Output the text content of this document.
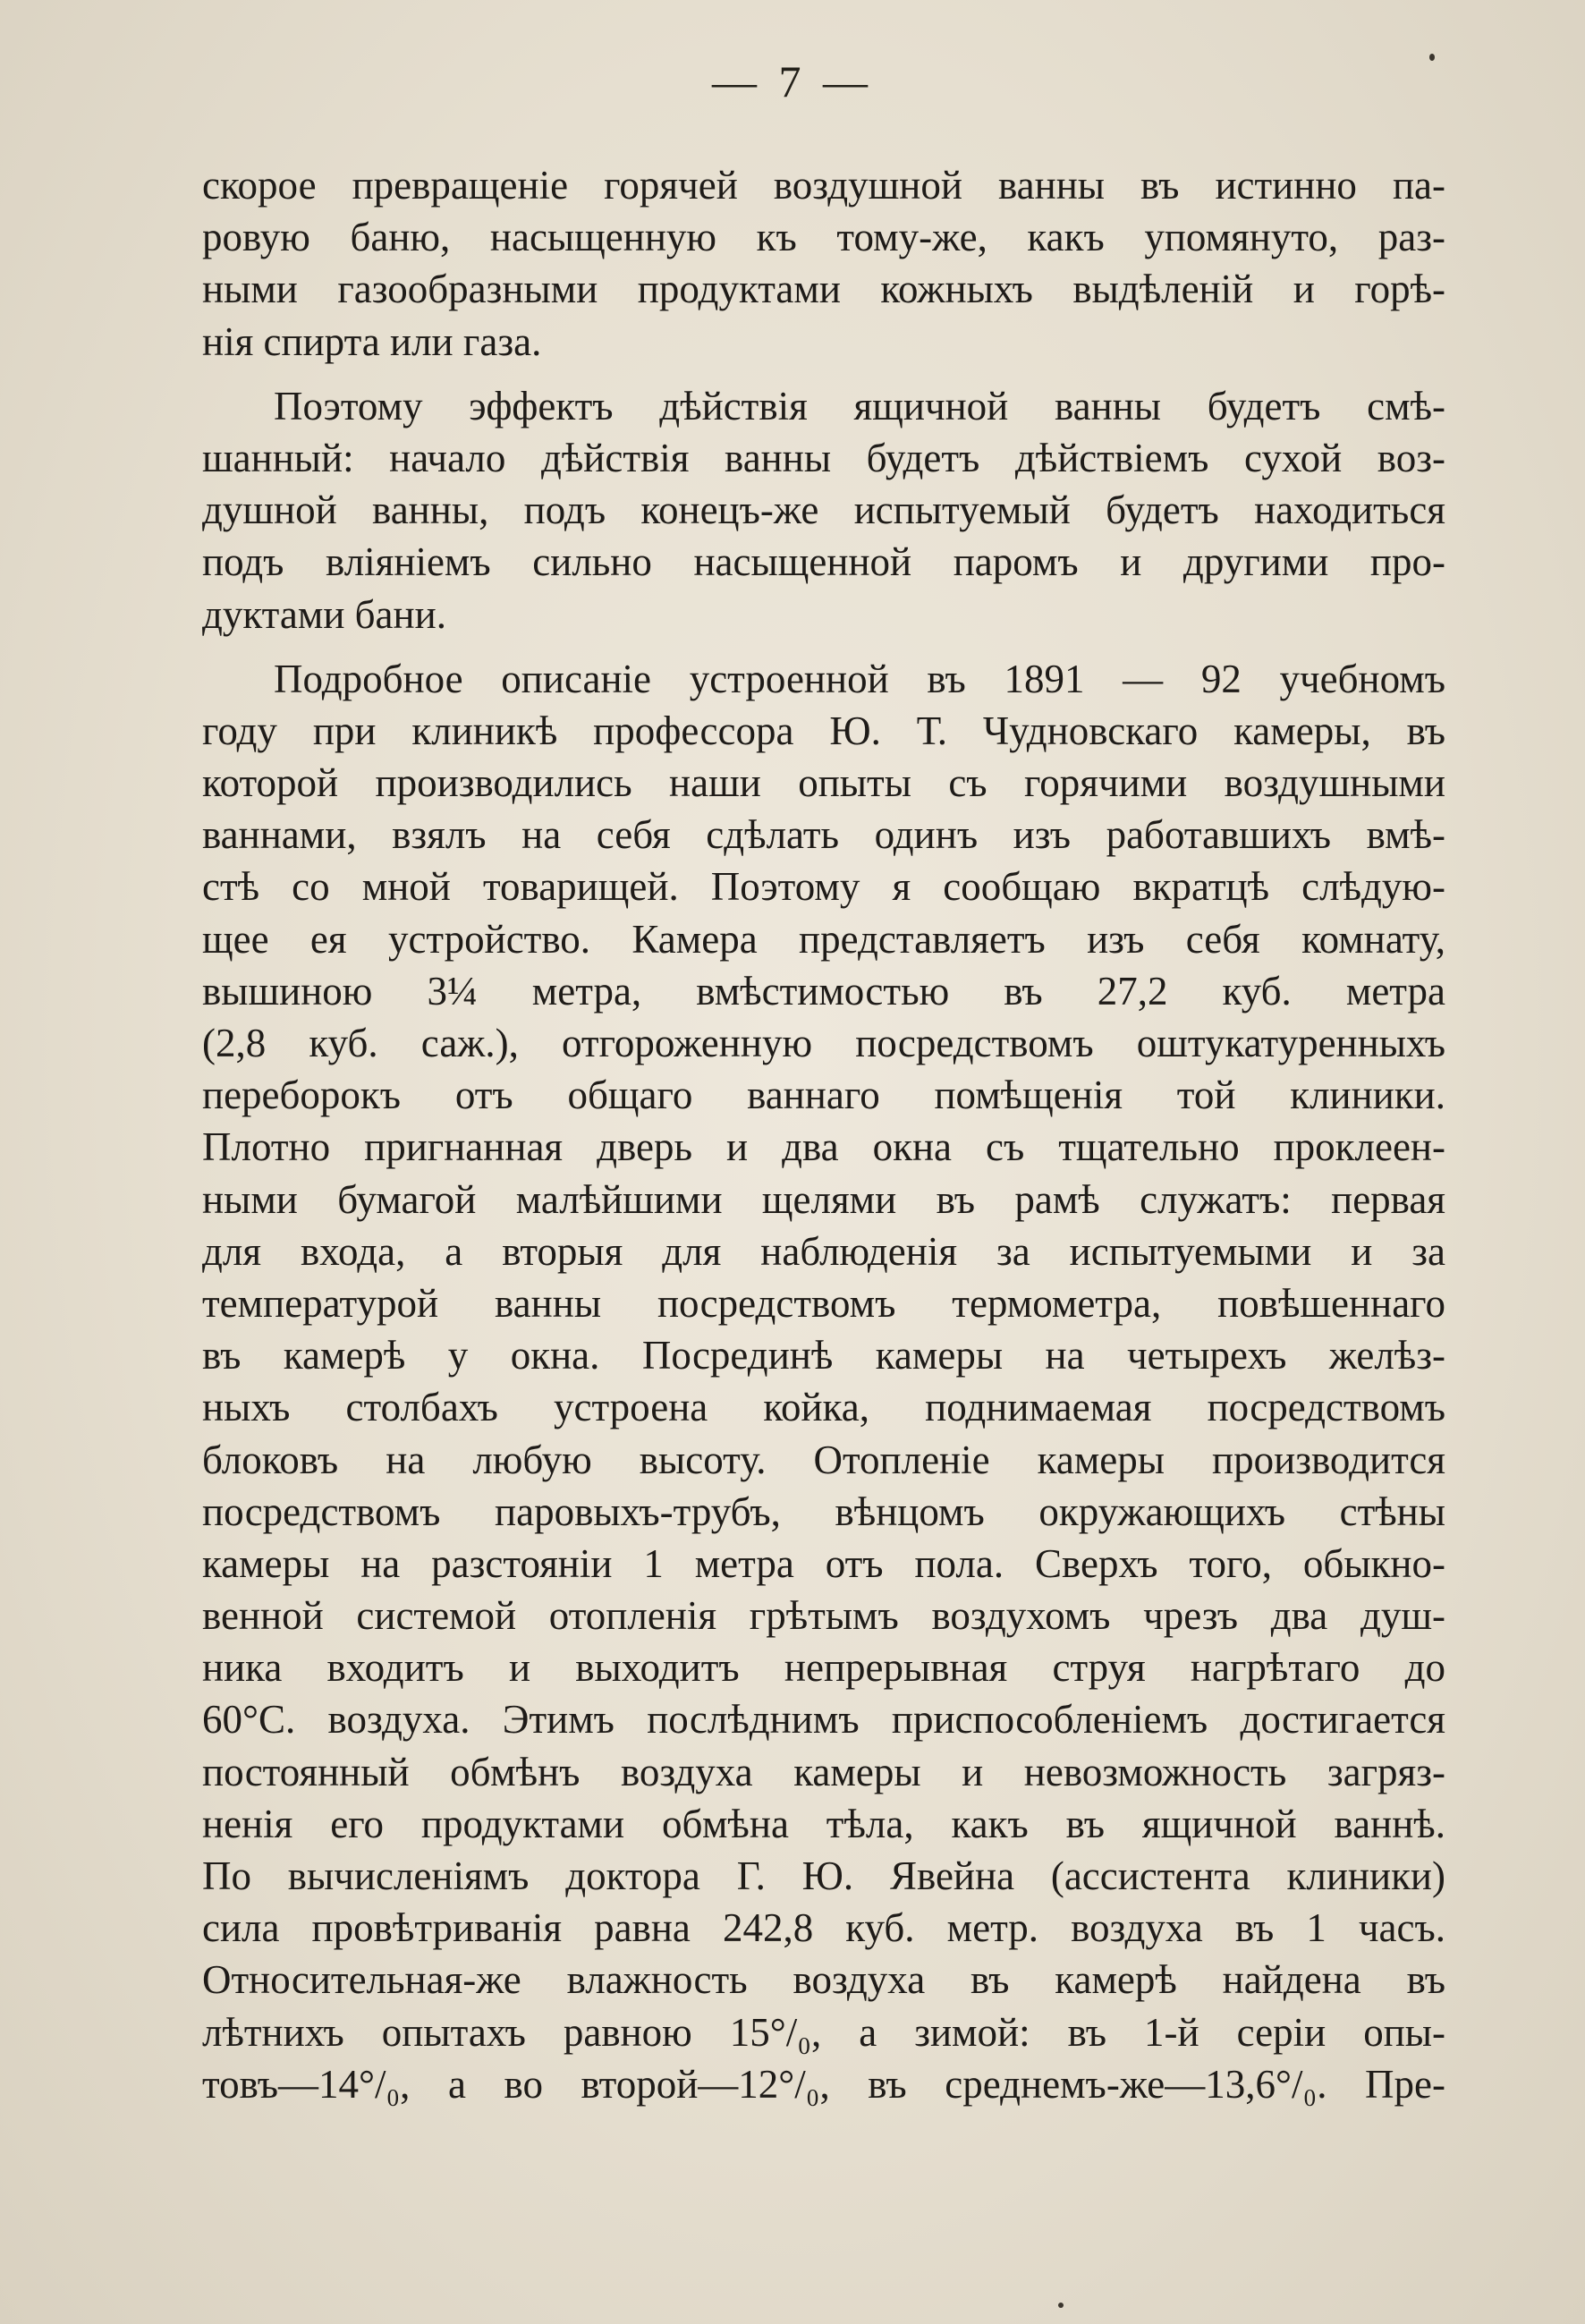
— 7 —
скорое превращеніе горячей воздушной ванны въ истинно па-
ровую баню, насыщенную къ тому-же, какъ упомянуто, раз-
ными газообразными продуктами кожныхъ выдѣленій и горѣ-
нія спирта или газа.
Поэтому эффектъ дѣйствія ящичной ванны будетъ смѣ-
шанный: начало дѣйствія ванны будетъ дѣйствіемъ сухой воз-
душной ванны, подъ конецъ-же испытуемый будетъ находиться
подъ вліяніемъ сильно насыщенной паромъ и другими про-
дуктами бани.
Подробное описаніе устроенной въ 1891 — 92 учебномъ
году при клиникѣ профессора Ю. Т. Чудновскаго камеры, въ
которой производились наши опыты съ горячими воздушными
ваннами, взялъ на себя сдѣлать одинъ изъ работавшихъ вмѣ-
стѣ со мной товарищей. Поэтому я сообщаю вкратцѣ слѣдую-
щее ея устройство. Камера представляетъ изъ себя комнату,
вышиною 3¼ метра, вмѣстимостью въ 27,2 куб. метра
(2,8 куб. саж.), отгороженную посредствомъ оштукатуренныхъ
переборокъ отъ общаго ваннаго помѣщенія той клиники.
Плотно пригнанная дверь и два окна съ тщательно проклеен-
ными бумагой малѣйшими щелями въ рамѣ служатъ: первая
для входа, а вторыя для наблюденія за испытуемыми и за
температурой ванны посредствомъ термометра, повѣшеннаго
въ камерѣ у окна. Посрединѣ камеры на четырехъ желѣз-
ныхъ столбахъ устроена койка, поднимаемая посредствомъ
блоковъ на любую высоту. Отопленіе камеры производится
посредствомъ паровыхъ-трубъ, вѣнцомъ окружающихъ стѣны
камеры на разстояніи 1 метра отъ пола. Сверхъ того, обыкно-
венной системой отопленія грѣтымъ воздухомъ чрезъ два душ-
ника входитъ и выходитъ непрерывная струя нагрѣтаго до
60°С. воздуха. Этимъ послѣднимъ приспособленіемъ достигается
постоянный обмѣнъ воздуха камеры и невозможность загряз-
ненія его продуктами обмѣна тѣла, какъ въ ящичной ваннѣ.
По вычисленіямъ доктора Г. Ю. Явейна (ассистента клиники)
сила провѣтриванія равна 242,8 куб. метр. воздуха въ 1 часъ.
Относительная-же влажность воздуха въ камерѣ найдена въ
лѣтнихъ опытахъ равною 15°/₀, а зимой: въ 1-й серіи опы-
товъ—14°/₀, а во второй—12°/₀, въ среднемъ-же—13,6°/₀. Пре-
